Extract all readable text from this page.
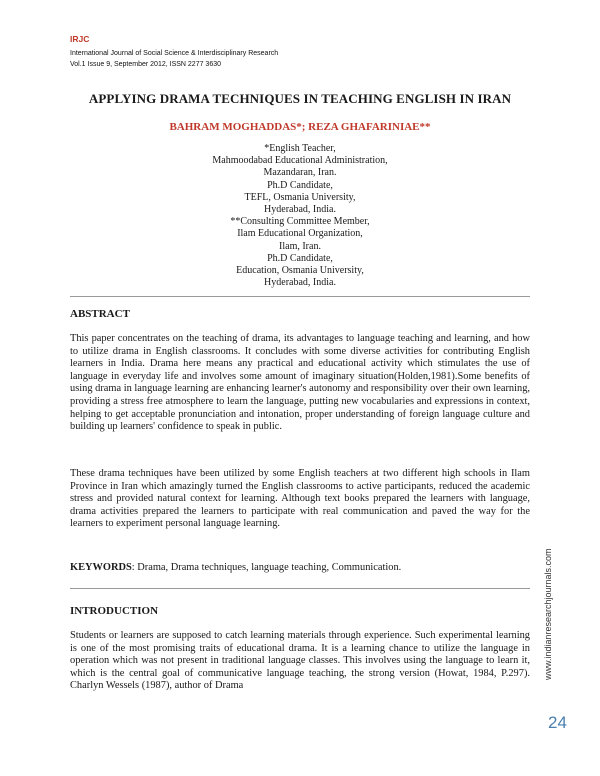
IRJC
International Journal of Social Science & Interdisciplinary Research
Vol.1 Issue 9, September 2012, ISSN 2277 3630
APPLYING DRAMA TECHNIQUES IN TEACHING ENGLISH IN IRAN
BAHRAM MOGHADDAS*; REZA GHAFARINIAE**
*English Teacher,
Mahmoodabad Educational Administration,
Mazandaran, Iran.
Ph.D Candidate,
TEFL, Osmania University,
Hyderabad, India.
**Consulting Committee Member,
Ilam Educational Organization,
Ilam, Iran.
Ph.D Candidate,
Education, Osmania University,
Hyderabad, India.
ABSTRACT
This paper concentrates on the teaching of drama, its advantages to language teaching and learning, and how to utilize drama in English classrooms. It concludes with some diverse activities for contributing English learners in India. Drama here means any practical and educational activity which stimulates the use of language in everyday life and involves some amount of imaginary situation(Holden,1981).Some benefits of using drama in language learning are enhancing learner's autonomy and responsibility over their own learning, providing a stress free atmosphere to learn the language, putting new vocabularies and expressions in context, helping to get acceptable pronunciation and intonation, proper understanding of foreign language culture and building up learners' confidence to speak in public.
These drama techniques have been utilized by some English teachers at two different high schools in Ilam Province in Iran which amazingly turned the English classrooms to active participants, reduced the academic stress and provided natural context for learning. Although text books prepared the learners with language, drama activities prepared the learners to participate with real communication and paved the way for the learners to experiment personal language learning.
KEYWORDS: Drama, Drama techniques, language teaching, Communication.
INTRODUCTION
Students or learners are supposed to catch learning materials through experience. Such experimental learning is one of the most promising traits of educational drama. It is a learning chance to utilize the language in operation which was not present in traditional language classes. This involves using the language to learn it, which is the central goal of communicative language teaching, the strong version (Howat, 1984, P.297). Charlyn Wessels (1987), author of Drama
www.indianresearchjournals.com
24
